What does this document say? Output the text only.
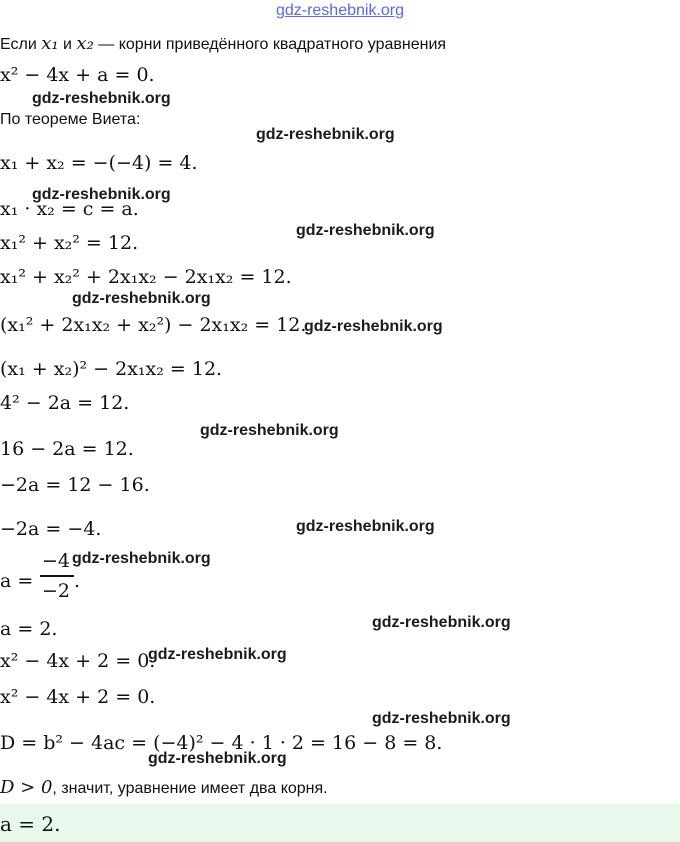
gdz-reshebnik.org
Если x₁ и x₂ — корни приведённого квадратного уравнения
x² − 4x + a = 0.
По теореме Виета:
x₁ + x₂ = −(−4) = 4.
x₁ · x₂ = c = a.
x₁² + x₂² = 12.
x₁² + x₂² + 2x₁x₂ − 2x₁x₂ = 12.
(x₁² + 2x₁x₂ + x₂²) − 2x₁x₂ = 12.
(x₁ + x₂)² − 2x₁x₂ = 12.
4² − 2a = 12.
16 − 2a = 12.
−2a = 12 − 16.
−2a = −4.
a =
−4
−2 .
a = 2.
x² − 4x + 2 = 0.
x² − 4x + 2 = 0.
D = b² − 4ac = (−4)² − 4 · 1 · 2 = 16 − 8 = 8.
D > 0, значит, уравнение имеет два корня.
a = 2.
gdz-reshebnik.org
gdz-reshebnik.org
gdz-reshebnik.org
gdz-reshebnik.org
gdz-reshebnik.org
gdz-reshebnik.org
gdz-reshebnik.org
gdz-reshebnik.org
gdz-reshebnik.org
gdz-reshebnik.org
gdz-reshebnik.org
gdz-reshebnik.org
gdz-reshebnik.org
